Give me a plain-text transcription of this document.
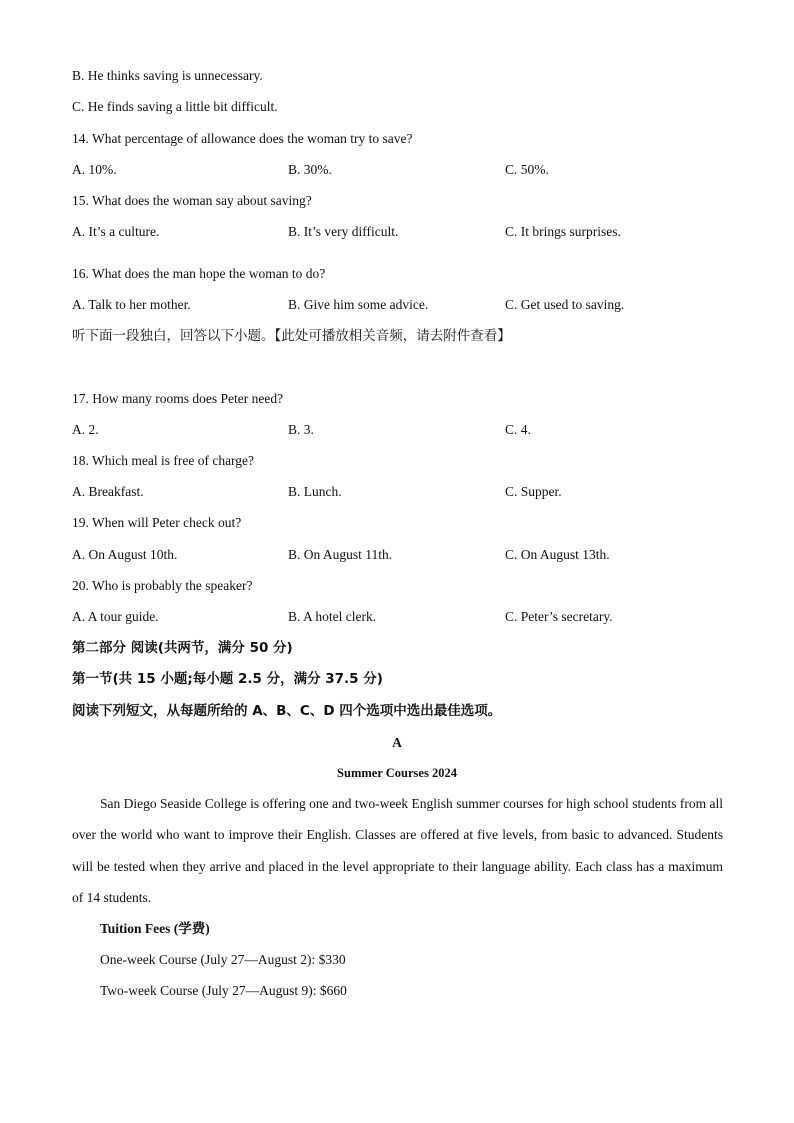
B. He thinks saving is unnecessary.
C. He finds saving a little bit difficult.
14. What percentage of allowance does the woman try to save?
A. 10%.	B. 30%.	C. 50%.
15. What does the woman say about saving?
A. It’s a culture.	B. It’s very difficult.	C. It brings surprises.
16. What does the man hope the woman to do?
A. Talk to her mother.	B. Give him some advice.	C. Get used to saving.
听下面一段独白，回答以下小题。【此处可播放相关音频，请去附件查看】
17. How many rooms does Peter need?
A. 2.	B. 3.	C. 4.
18. Which meal is free of charge?
A. Breakfast.	B. Lunch.	C. Supper.
19. When will Peter check out?
A. On August 10th.	B. On August 11th.	C. On August 13th.
20. Who is probably the speaker?
A. A tour guide.	B. A hotel clerk.	C. Peter’s secretary.
第二部分 阅读(共两节，满分 50 分)
第一节(共 15 小题;每小题 2.5 分，满分 37.5 分)
阅读下列短文，从每题所给的 A、B、C、D 四个选项中选出最佳选项。
A
Summer Courses 2024
San Diego Seaside College is offering one and two-week English summer courses for high school students from all over the world who want to improve their English. Classes are offered at five levels, from basic to advanced. Students will be tested when they arrive and placed in the level appropriate to their language ability. Each class has a maximum of 14 students.
Tuition Fees (学费)
One-week Course (July 27—August 2): $330
Two-week Course (July 27—August 9): $660
